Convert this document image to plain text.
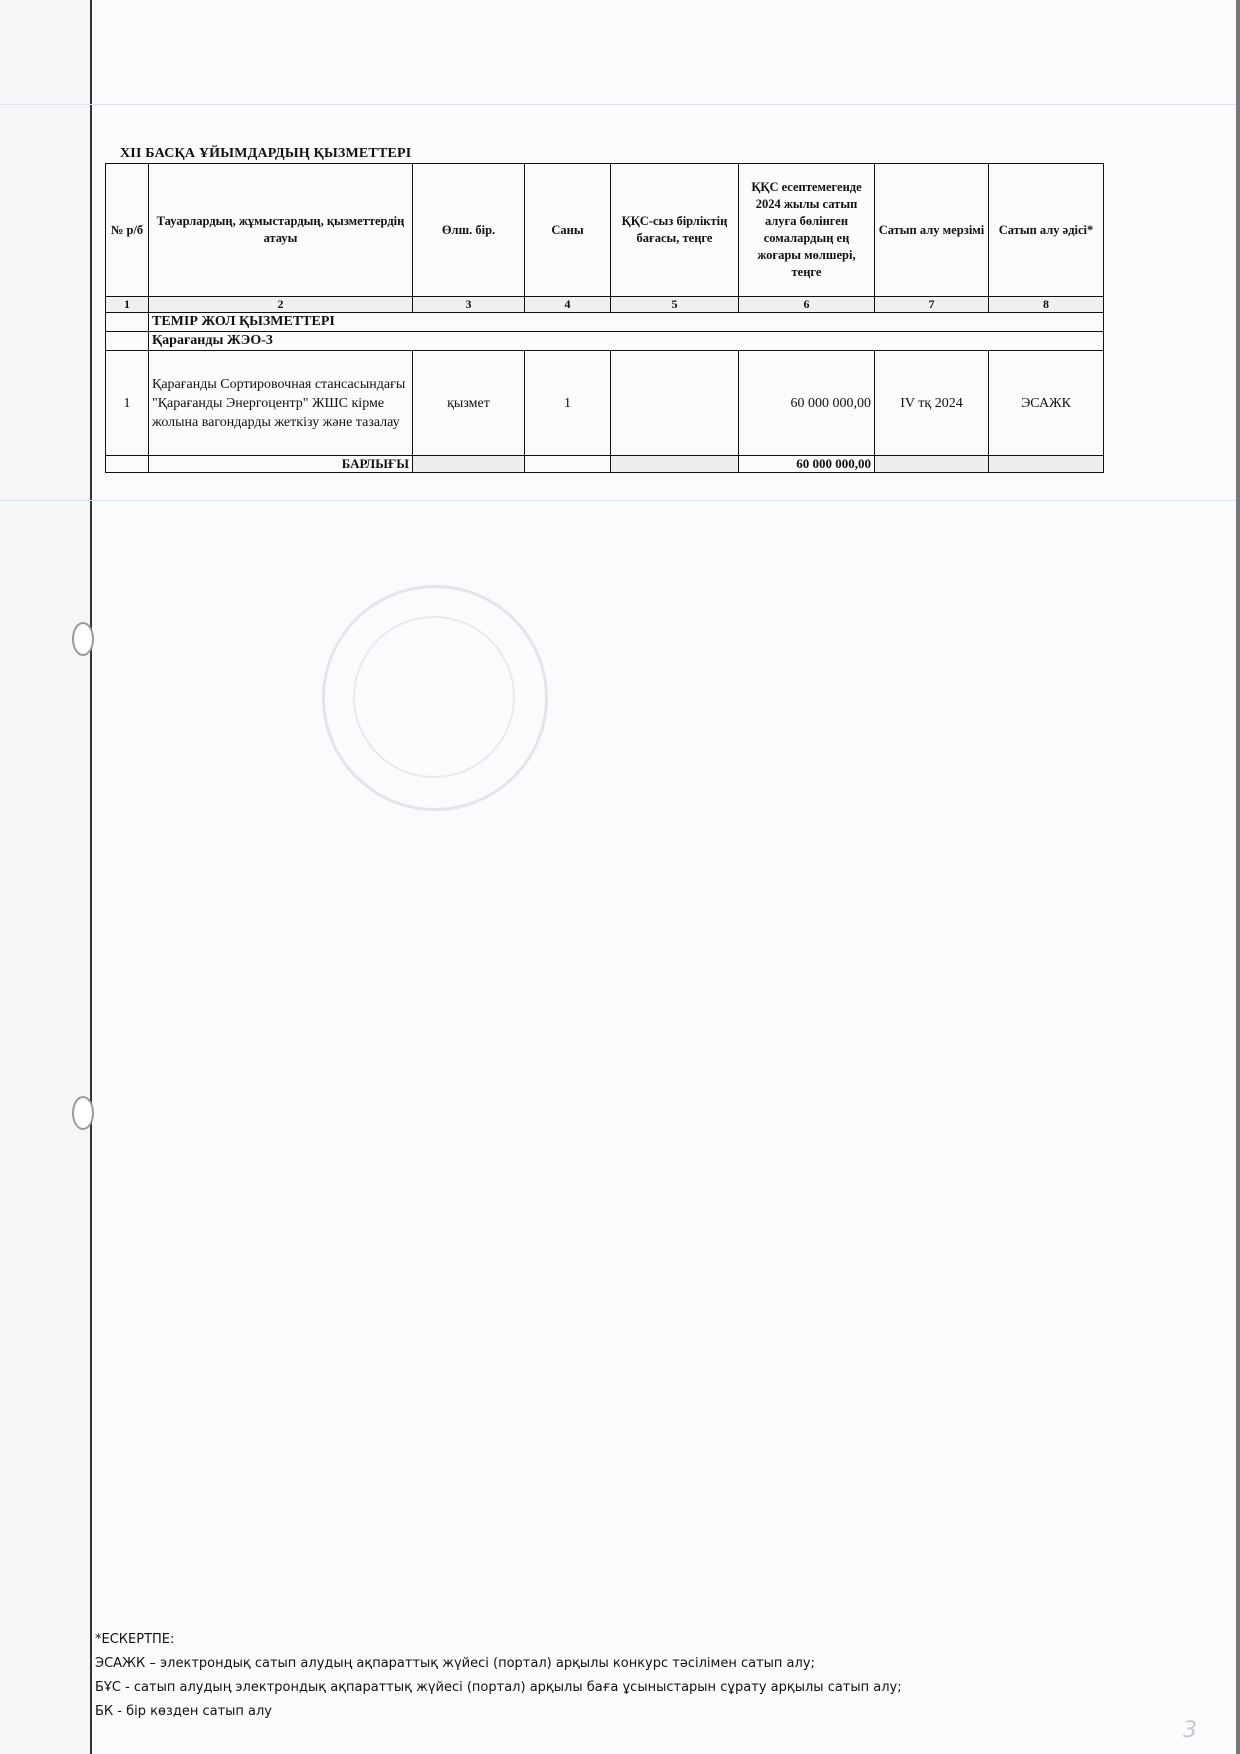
XII БАСҚА ҰЙЫМДАРДЫҢ ҚЫЗМЕТТЕРІ
№ р/б	Тауарлардың, жұмыстардың, қызметтердің атауы	Өлш. бір.	Саны	ҚҚС-сыз бірліктің бағасы, теңге	ҚҚС есептемегенде 2024 жылы сатып алуға бөлінген сомалардың ең жоғары мөлшері, теңге	Сатып алу мерзімі	Сатып алу әдісі*
1	2	3	4	5	6	7	8
	ТЕМІР ЖОЛ ҚЫЗМЕТТЕРІ						
	Қарағанды ЖЭО-3						
1	Қарағанды Сортировочная стансасындағы "Қарағанды Энергоцентр" ЖШС кірме жолына вагондарды жеткізу және тазалау	қызмет	1		60 000 000,00	IV тқ 2024	ЭСАЖК
	БАРЛЫҒЫ				60 000 000,00		
*ЕСКЕРТПЕ:
ЭСАЖК – электрондық сатып алудың ақпараттық жүйесі (портал) арқылы конкурс тәсілімен сатып алу;
БҰС - сатып алудың электрондық ақпараттық жүйесі (портал) арқылы баға ұсыныстарын сұрату арқылы сатып алу;
БК - бір көзден сатып алу
3
